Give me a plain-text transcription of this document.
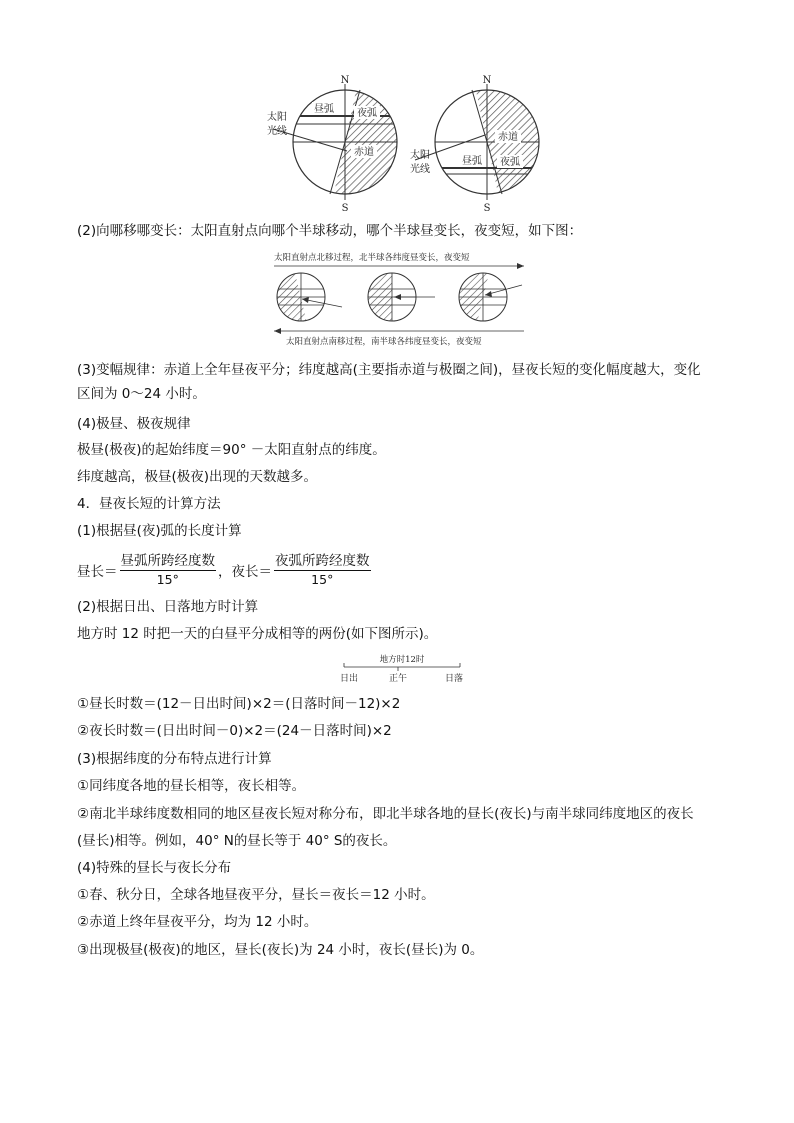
N
S
昼弧 夜弧
赤道
太阳
光线
N
S
赤道
昼弧 夜弧
太阳
光线
(2)向哪移哪变长：太阳直射点向哪个半球移动，哪个半球昼变长，夜变短，如下图：
太阳直射点北移过程，北半球各纬度昼变长，夜变短
太阳直射点南移过程，南半球各纬度昼变长，夜变短
(3)变幅规律：赤道上全年昼夜平分；纬度越高(主要指赤道与极圈之间)，昼夜长短的变化幅度越大，变化
区间为 0～24 小时。
(4)极昼、极夜规律
极昼(极夜)的起始纬度＝90° －太阳直射点的纬度。
纬度越高，极昼(极夜)出现的天数越多。
4．昼夜长短的计算方法
(1)根据昼(夜)弧的长度计算
昼长＝ $\frac{\text{昼弧所跨经度数}}{15^\circ}$ ，夜长＝ $\frac{\text{夜弧所跨经度数}}{15^\circ}$
(2)根据日出、日落地方时计算
地方时 12 时把一天的白昼平分成相等的两份(如下图所示)。
地方时12时
日出	正午	日落
①昼长时数＝(12－日出时间)×2＝(日落时间－12)×2
②夜长时数＝(日出时间－0)×2＝(24－日落时间)×2
(3)根据纬度的分布特点进行计算
①同纬度各地的昼长相等，夜长相等。
②南北半球纬度数相同的地区昼夜长短对称分布，即北半球各地的昼长(夜长)与南半球同纬度地区的夜长
(昼长)相等。例如，40° N的昼长等于 40° S的夜长。
(4)特殊的昼长与夜长分布
①春、秋分日，全球各地昼夜平分，昼长＝夜长＝12 小时。
②赤道上终年昼夜平分，均为 12 小时。
③出现极昼(极夜)的地区，昼长(夜长)为 24 小时，夜长(昼长)为 0。
